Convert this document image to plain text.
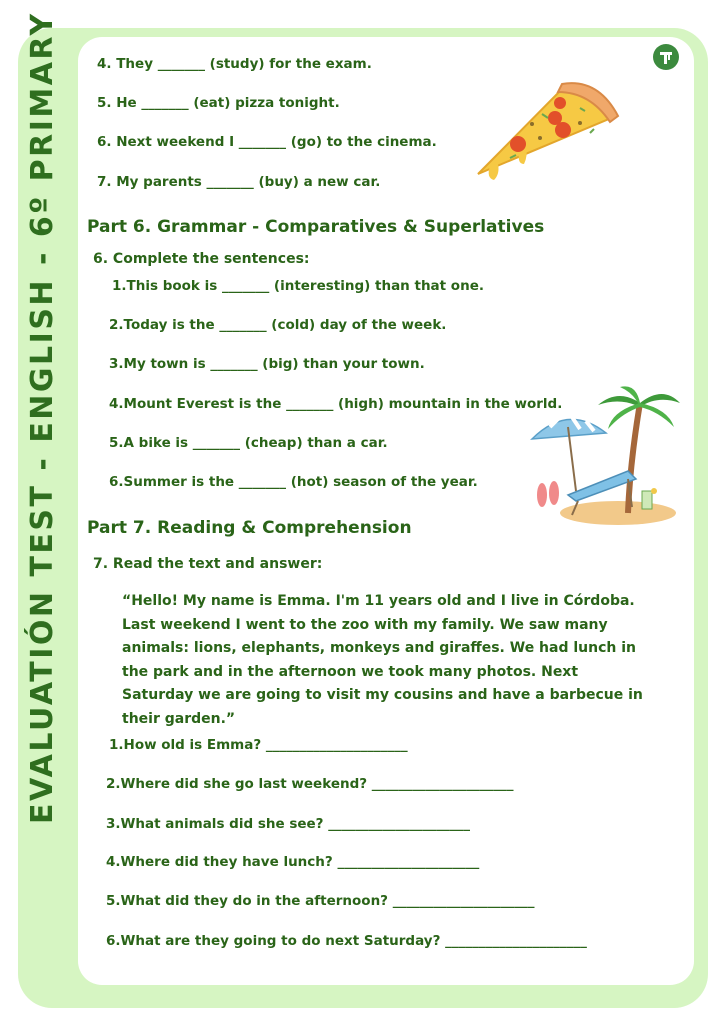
EVALUATIÓN TEST - ENGLISH - 6º PRIMARY	4. They _______ (study) for the exam.
5. He _______ (eat) pizza tonight.
6. Next weekend I _______ (go) to the cinema.
7. My parents _______ (buy) a new car.
Part 6. Grammar - Comparatives & Superlatives
6. Complete the sentences:
1.This book is _______ (interesting) than that one.
2.Today is the _______ (cold) day of the week.
3.My town is _______ (big) than your town.
4.Mount Everest is the _______ (high) mountain in the world.
5.A bike is _______ (cheap) than a car.
6.Summer is the _______ (hot) season of the year.
Part 7. Reading & Comprehension
7. Read the text and answer:
“Hello! My name is Emma. I'm 11 years old and I live in Córdoba. Last weekend I went to the zoo with my family. We saw many animals: lions, elephants, monkeys and giraffes. We had lunch in the park and in the afternoon we took many photos. Next Saturday we are going to visit my cousins and have a barbecue in their garden.”
1.How old is Emma? _____________________
2.Where did she go last weekend? _____________________
3.What animals did she see? _____________________
4.Where did they have lunch? _____________________
5.What did they do in the afternoon? _____________________
6.What are they going to do next Saturday? _____________________
